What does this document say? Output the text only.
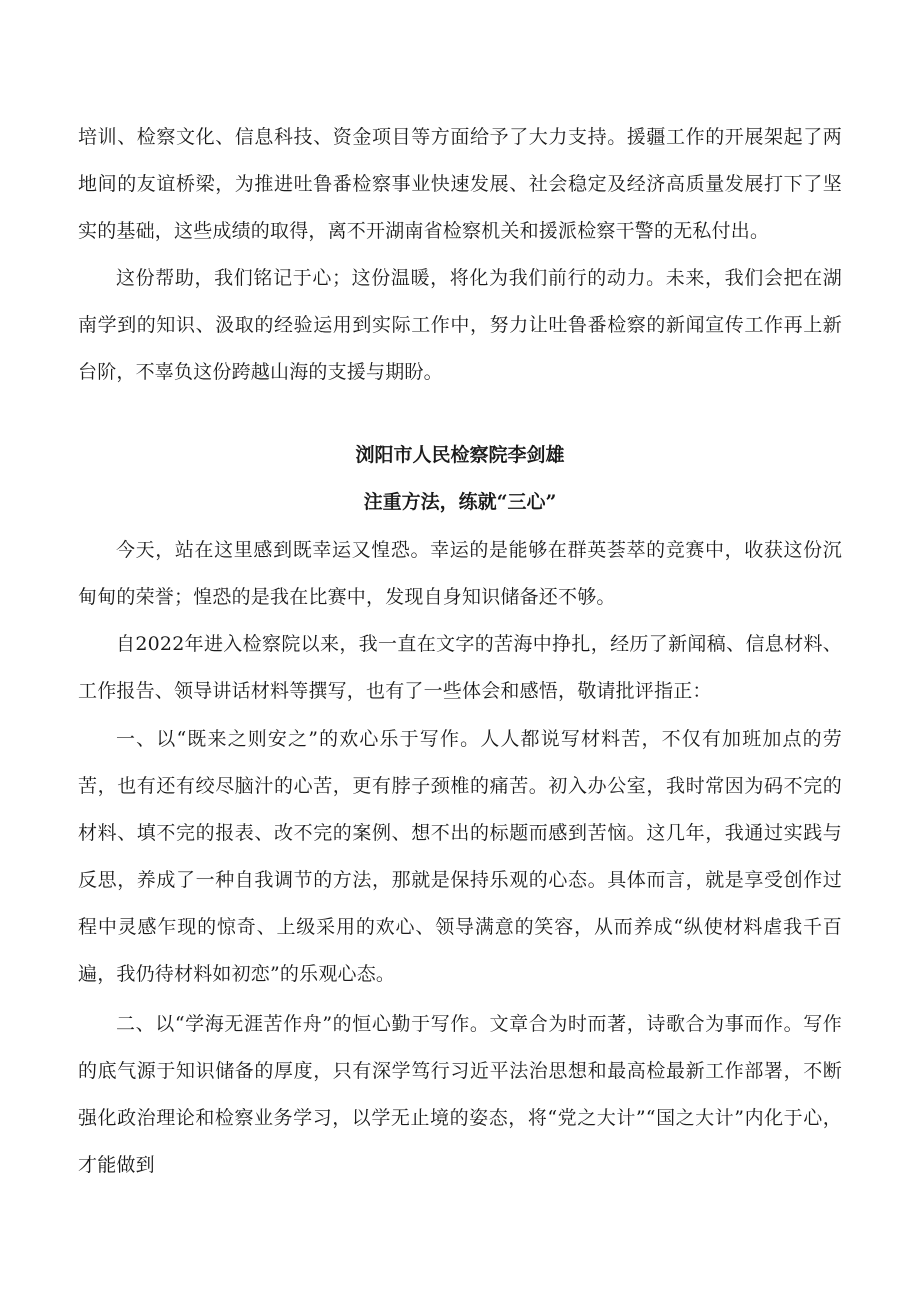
培训、检察文化、信息科技、资金项目等方面给予了大力支持。援疆工作的开展架起了两地间的友谊桥梁，为推进吐鲁番检察事业快速发展、社会稳定及经济高质量发展打下了坚实的基础，这些成绩的取得，离不开湖南省检察机关和援派检察干警的无私付出。

这份帮助，我们铭记于心；这份温暖，将化为我们前行的动力。未来，我们会把在湖南学到的知识、汲取的经验运用到实际工作中，努力让吐鲁番检察的新闻宣传工作再上新台阶，不辜负这份跨越山海的支援与期盼。

浏阳市人民检察院李剑雄
注重方法，练就“三心”

今天，站在这里感到既幸运又惶恐。幸运的是能够在群英荟萃的竞赛中，收获这份沉甸甸的荣誉；惶恐的是我在比赛中，发现自身知识储备还不够。

自2022年进入检察院以来，我一直在文字的苦海中挣扎，经历了新闻稿、信息材料、工作报告、领导讲话材料等撰写，也有了一些体会和感悟，敬请批评指正：

一、以“既来之则安之”的欢心乐于写作。人人都说写材料苦，不仅有加班加点的劳苦，也有还有绞尽脑汁的心苦，更有脖子颈椎的痛苦。初入办公室，我时常因为码不完的材料、填不完的报表、改不完的案例、想不出的标题而感到苦恼。这几年，我通过实践与反思，养成了一种自我调节的方法，那就是保持乐观的心态。具体而言，就是享受创作过程中灵感乍现的惊奇、上级采用的欢心、领导满意的笑容，从而养成“纵使材料虐我千百遍，我仍待材料如初恋”的乐观心态。

二、以“学海无涯苦作舟”的恒心勤于写作。文章合为时而著，诗歌合为事而作。写作的底气源于知识储备的厚度，只有深学笃行习近平法治思想和最高检最新工作部署，不断强化政治理论和检察业务学习，以学无止境的姿态，将“党之大计”“国之大计”内化于心，才能做到
